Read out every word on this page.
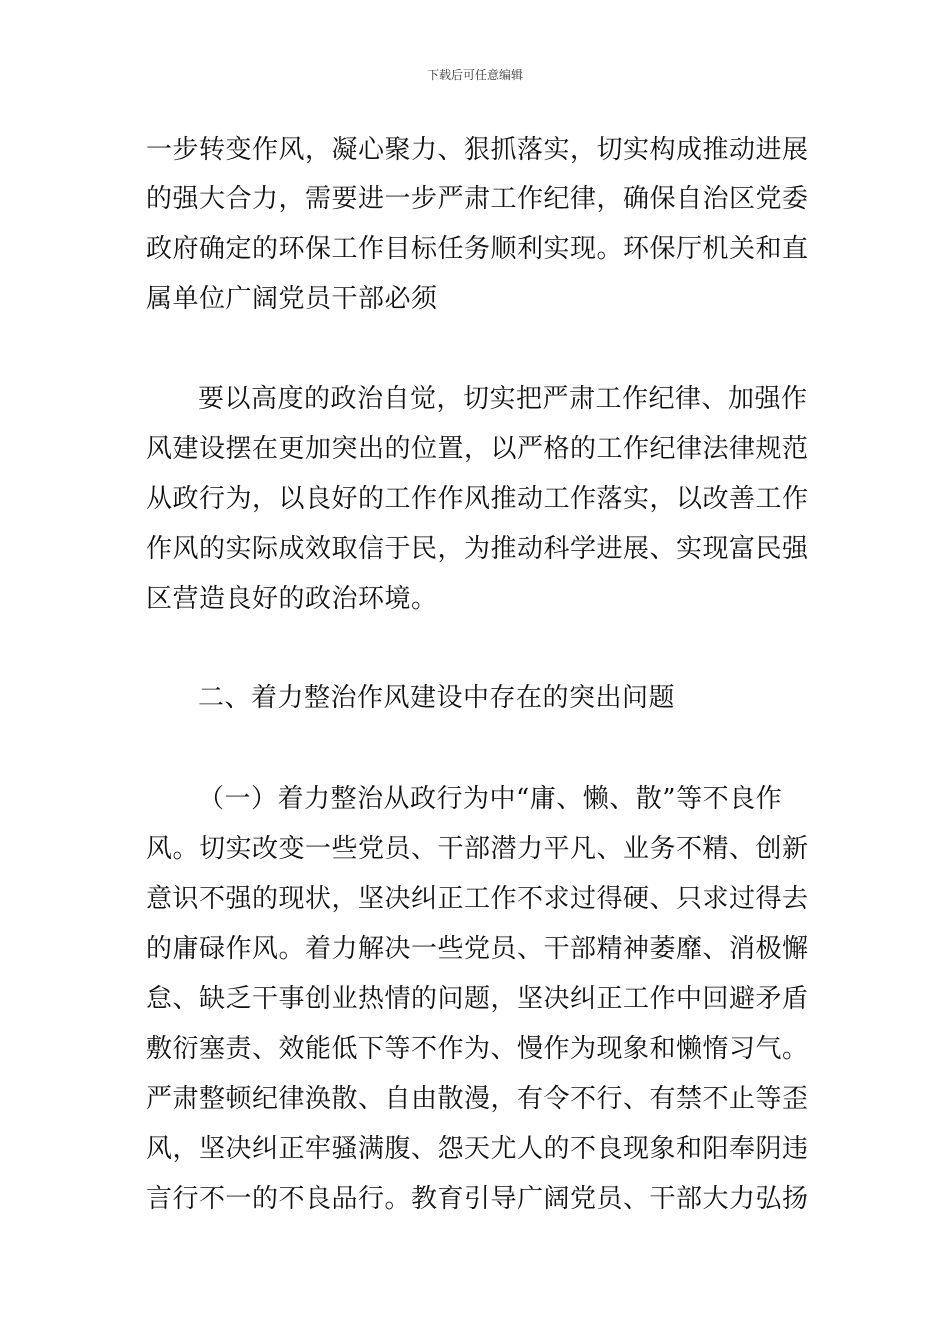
下载后可任意编辑
一步转变作风，凝心聚力、狠抓落实，切实构成推动进展
的强大合力，需要进一步严肃工作纪律，确保自治区党委
政府确定的环保工作目标任务顺利实现。环保厅机关和直
属单位广阔党员干部必须
要以高度的政治自觉，切实把严肃工作纪律、加强作
风建设摆在更加突出的位置，以严格的工作纪律法律规范
从政行为，以良好的工作作风推动工作落实，以改善工作
作风的实际成效取信于民，为推动科学进展、实现富民强
区营造良好的政治环境。
二、着力整治作风建设中存在的突出问题
（一）着力整治从政行为中“庸、懒、散”等不良作
风。切实改变一些党员、干部潜力平凡、业务不精、创新
意识不强的现状，坚决纠正工作不求过得硬、只求过得去
的庸碌作风。着力解决一些党员、干部精神萎靡、消极懈
怠、缺乏干事创业热情的问题，坚决纠正工作中回避矛盾
敷衍塞责、效能低下等不作为、慢作为现象和懒惰习气。
严肃整顿纪律涣散、自由散漫，有令不行、有禁不止等歪
风，坚决纠正牢骚满腹、怨天尤人的不良现象和阳奉阴违
言行不一的不良品行。教育引导广阔党员、干部大力弘扬
